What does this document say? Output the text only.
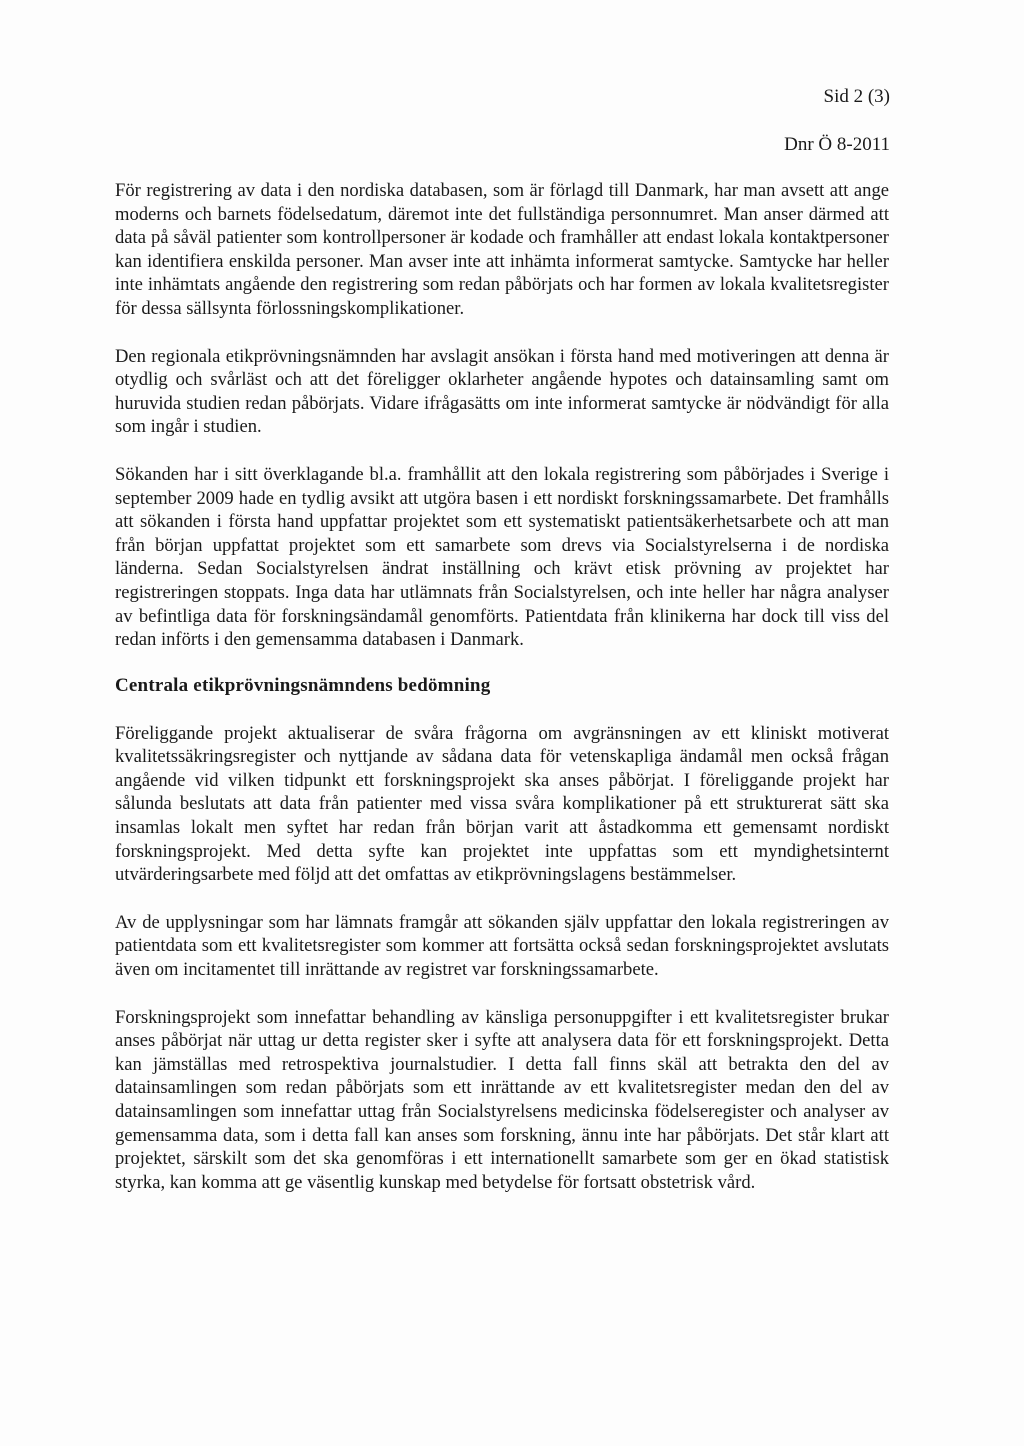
Sid 2 (3)
Dnr Ö 8-2011

För registrering av data i den nordiska databasen, som är förlagd till Danmark, har man avsett att ange moderns och barnets födelsedatum, däremot inte det fullständiga personnumret. Man anser därmed att data på såväl patienter som kontrollpersoner är kodade och framhåller att endast lokala kontaktpersoner kan identifiera enskilda personer. Man avser inte att inhämta informerat samtycke. Samtycke har heller inte inhämtats angående den registrering som redan påbörjats och har formen av lokala kvalitetsregister för dessa sällsynta förlossningskomplikationer.

Den regionala etikprövningsnämnden har avslagit ansökan i första hand med motiveringen att denna är otydlig och svårläst och att det föreligger oklarheter angående hypotes och datainsamling samt om huruvida studien redan påbörjats. Vidare ifrågasätts om inte informerat samtycke är nödvändigt för alla som ingår i studien.

Sökanden har i sitt överklagande bl.a. framhållit att den lokala registrering som påbörjades i Sverige i september 2009 hade en tydlig avsikt att utgöra basen i ett nordiskt forskningssamarbete. Det framhålls att sökanden i första hand uppfattar projektet som ett systematiskt patientsäkerhetsarbete och att man från början uppfattat projektet som ett samarbete som drevs via Socialstyrelserna i de nordiska länderna. Sedan Socialstyrelsen ändrat inställning och krävt etisk prövning av projektet har registreringen stoppats. Inga data har utlämnats från Socialstyrelsen, och inte heller har några analyser av befintliga data för forskningsändamål genomförts. Patientdata från klinikerna har dock till viss del redan införts i den gemensamma databasen i Danmark.

Centrala etikprövningsnämndens bedömning

Föreliggande projekt aktualiserar de svåra frågorna om avgränsningen av ett kliniskt motiverat kvalitetssäkringsregister och nyttjande av sådana data för vetenskapliga ändamål men också frågan angående vid vilken tidpunkt ett forskningsprojekt ska anses påbörjat. I föreliggande projekt har sålunda beslutats att data från patienter med vissa svåra komplikationer på ett strukturerat sätt ska insamlas lokalt men syftet har redan från början varit att åstadkomma ett gemensamt nordiskt forskningsprojekt. Med detta syfte kan projektet inte uppfattas som ett myndighetsinternt utvärderingsarbete med följd att det omfattas av etikprövningslagens bestämmelser.

Av de upplysningar som har lämnats framgår att sökanden själv uppfattar den lokala registreringen av patientdata som ett kvalitetsregister som kommer att fortsätta också sedan forskningsprojektet avslutats även om incitamentet till inrättande av registret var forskningssamarbete.

Forskningsprojekt som innefattar behandling av känsliga personuppgifter i ett kvalitetsregister brukar anses påbörjat när uttag ur detta register sker i syfte att analysera data för ett forskningsprojekt. Detta kan jämställas med retrospektiva journalstudier. I detta fall finns skäl att betrakta den del av datainsamlingen som redan påbörjats som ett inrättande av ett kvalitetsregister medan den del av datainsamlingen som innefattar uttag från Socialstyrelsens medicinska födelseregister och analyser av gemensamma data, som i detta fall kan anses som forskning, ännu inte har påbörjats. Det står klart att projektet, särskilt som det ska genomföras i ett internationellt samarbete som ger en ökad statistisk styrka, kan komma att ge väsentlig kunskap med betydelse för fortsatt obstetrisk vård.
